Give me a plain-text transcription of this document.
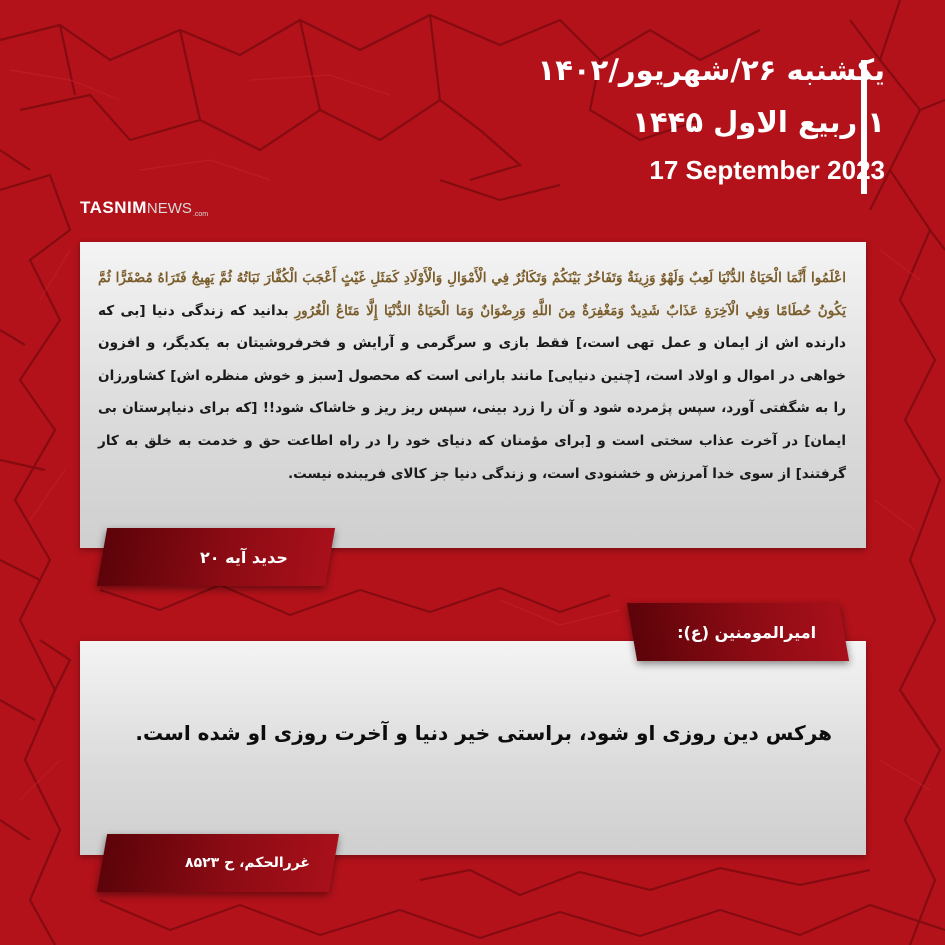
یکشنبه ۲۶/شهریور/۱۴۰۲
۱ ربیع الاول ۱۴۴۵
17 September 2023
TASNIMNEWS.com
اعْلَمُوا أَنَّمَا الْحَيَاةُ الدُّنْيَا لَعِبٌ وَلَهْوٌ وَزِينَةٌ وَتَفَاخُرٌ بَيْنَكُمْ وَتَكَاثُرٌ فِي الْأَمْوَالِ وَالْأَوْلَادِ كَمَثَلِ غَيْثٍ أَعْجَبَ الْكُفَّارَ نَبَاتُهُ ثُمَّ يَهِيجُ فَتَرَاهُ مُصْفَرًّا ثُمَّ يَكُونُ حُطَامًا وَفِي الْآخِرَةِ عَذَابٌ شَدِيدٌ وَمَغْفِرَةٌ مِنَ اللَّهِ وَرِضْوَانٌ وَمَا الْحَيَاةُ الدُّنْيَا إِلَّا مَتَاعُ الْغُرُورِ بدانید که زندگی دنیا [بی که دارنده اش از ایمان و عمل تهی است،] فقط بازی و سرگرمی و آرایش و فخرفروشیتان به یکدیگر، و افزون خواهی در اموال و اولاد است، [چنین دنیایی] مانند بارانی است که محصول [سبز و خوش منظره اش] کشاورزان را به شگفتی آورد، سپس پژمرده شود و آن را زرد بینی، سپس ریز ریز و خاشاک شود!! [که برای دنیاپرستان بی ایمان] در آخرت عذاب سختی است و [برای مؤمنان که دنیای خود را در راه اطاعت حق و خدمت به خلق به کار گرفتند] از سوی خدا آمرزش و خشنودی است، و زندگی دنیا جز کالای فریبنده نیست.
حدید آیه ۲۰
هرکس دین روزی او شود، براستی خیر دنیا و آخرت روزی او شده است.
امیرالمومنین (ع):
غررالحکم، ح ۸۵۲۳
